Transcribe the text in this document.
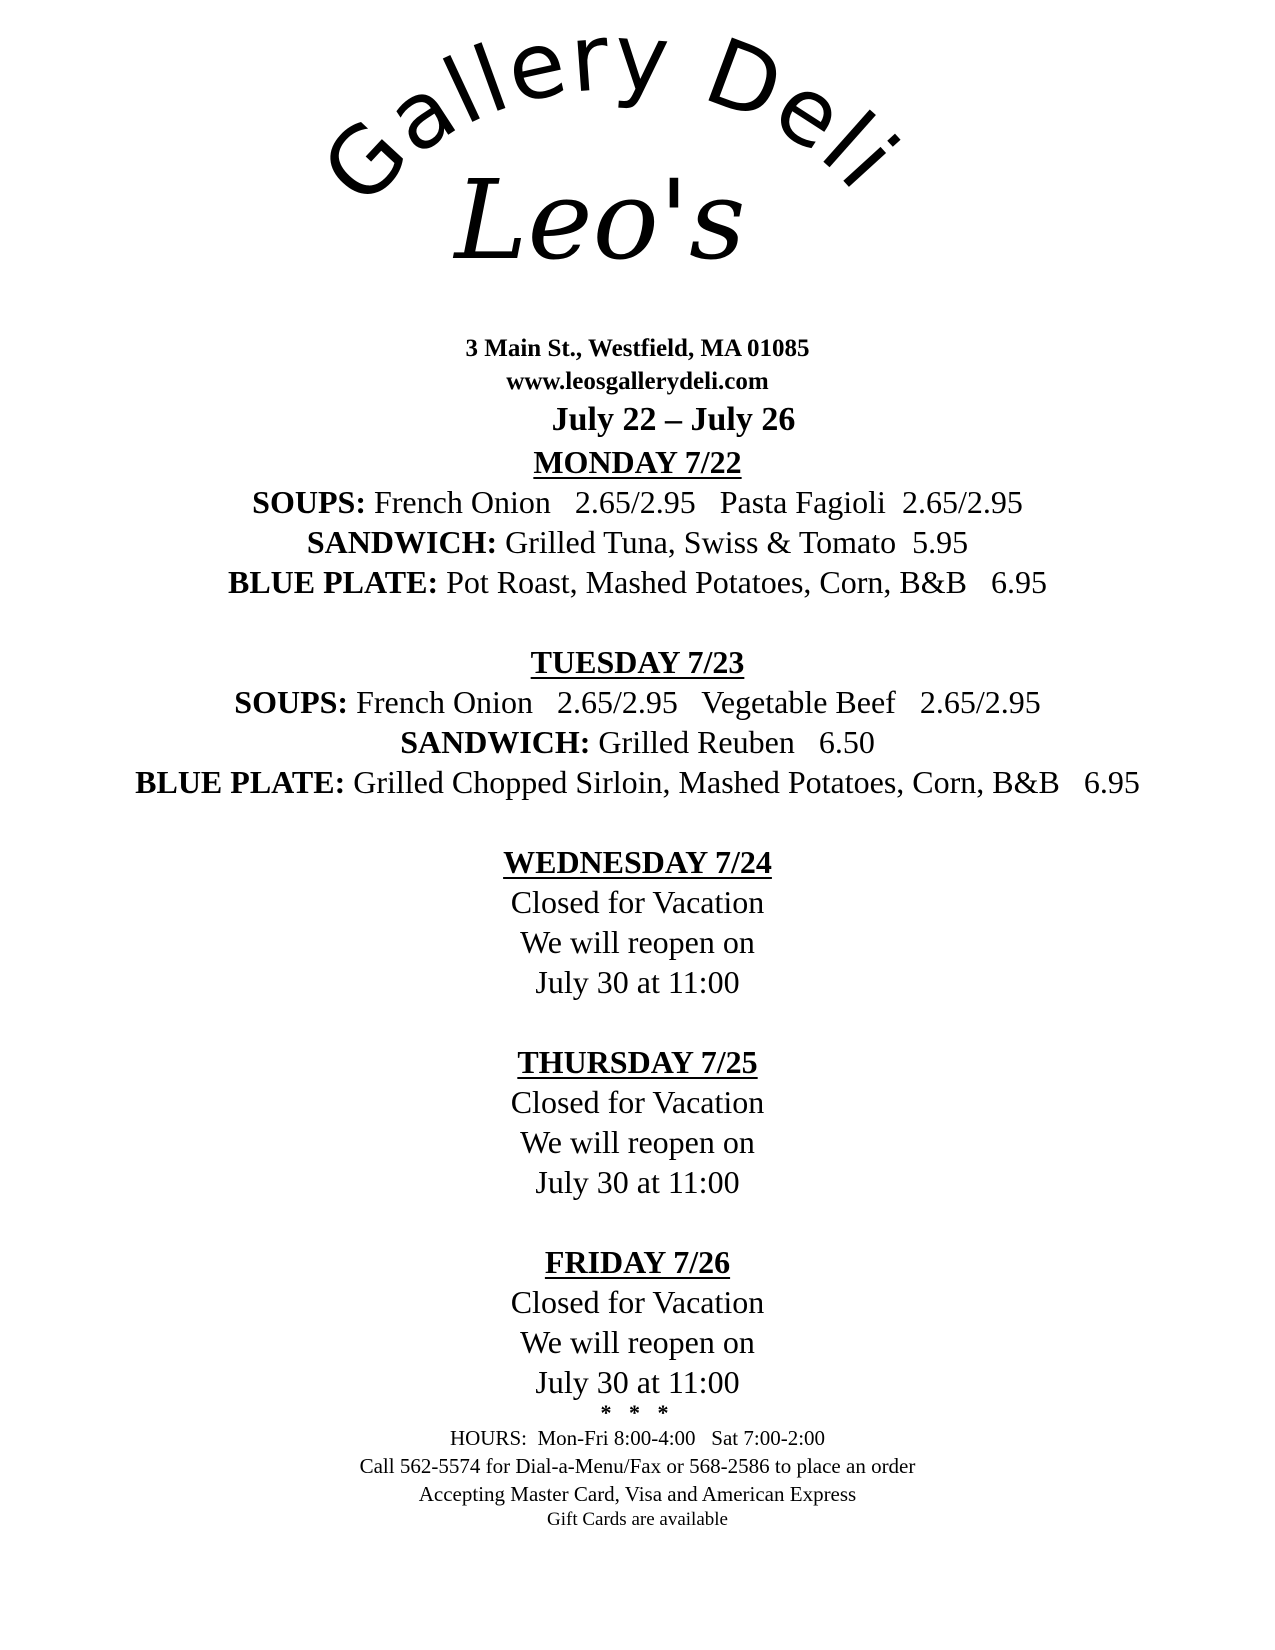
Gallery Deli
Leo's
3 Main St., Westfield, MA 01085
www.leosgallerydeli.com
July 22 – July 26
MONDAY 7/22
SOUPS: French Onion   2.65/2.95   Pasta Fagioli  2.65/2.95
SANDWICH: Grilled Tuna, Swiss & Tomato  5.95
BLUE PLATE: Pot Roast, Mashed Potatoes, Corn, B&B   6.95
TUESDAY 7/23
SOUPS: French Onion   2.65/2.95   Vegetable Beef   2.65/2.95
SANDWICH: Grilled Reuben   6.50
BLUE PLATE: Grilled Chopped Sirloin, Mashed Potatoes, Corn, B&B   6.95
WEDNESDAY 7/24
Closed for Vacation
We will reopen on
July 30 at 11:00
THURSDAY 7/25
Closed for Vacation
We will reopen on
July 30 at 11:00
FRIDAY 7/26
Closed for Vacation
We will reopen on
July 30 at 11:00
* * *
HOURS:  Mon-Fri 8:00-4:00   Sat 7:00-2:00
Call 562-5574 for Dial-a-Menu/Fax or 568-2586 to place an order
Accepting Master Card, Visa and American Express
Gift Cards are available
